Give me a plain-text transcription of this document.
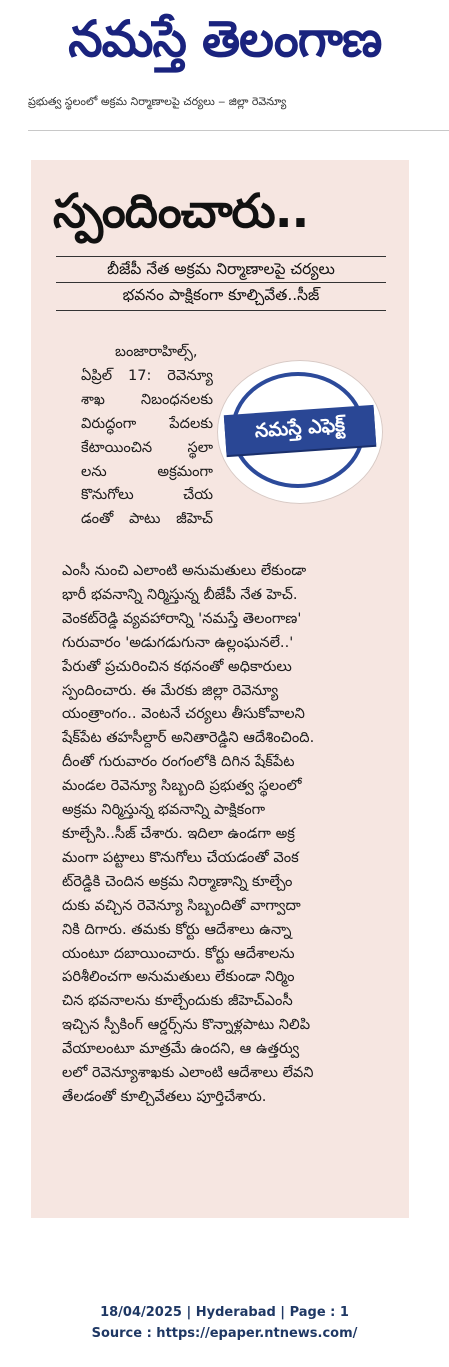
నమస్తే తెలంగాణ
ప్రభుత్వ స్థలంలో అక్రమ నిర్మాణాలపై చర్యలు ‒ జిల్లా రెవెన్యూ
స్పందించారు..
బీజేపీ నేత అక్రమ నిర్మాణాలపై చర్యలు
భవనం పాక్షికంగా కూల్చివేత..సీజ్
నమస్తే ఎఫెక్ట్

బంజారాహిల్స్,

ఏప్రిల్ 17: రెవెన్యూ

శాఖ నిబంధనలకు

విరుద్ధంగా పేదలకు

కేటాయించిన స్థలా

లను అక్రమంగా

కొనుగోలు చేయ

డంతో పాటు జీహెచ్

ఎంసీ నుంచి ఎలాంటి అనుమతులు లేకుండా

భారీ భవనాన్ని నిర్మిస్తున్న బీజేపీ నేత హెచ్.

వెంకట్‌రెడ్డి వ్యవహారాన్ని 'నమస్తే తెలంగాణ'

గురువారం 'అడుగడుగునా ఉల్లంఘనలే..'

పేరుతో ప్రచురించిన కథనంతో అధికారులు

స్పందించారు. ఈ మేరకు జిల్లా రెవెన్యూ

యంత్రాంగం.. వెంటనే చర్యలు తీసుకోవాలని

షేక్‌పేట తహసీల్దార్ అనితారెడ్డిని ఆదేశించింది.

దీంతో గురువారం రంగంలోకి దిగిన షేక్‌పేట

మండల రెవెన్యూ సిబ్బంది ప్రభుత్వ స్థలంలో

అక్రమ నిర్మిస్తున్న భవనాన్ని పాక్షికంగా

కూల్చేసి..సీజ్ చేశారు. ఇదిలా ఉండగా అక్ర

మంగా పట్టాలు కొనుగోలు చేయడంతో వెంక

ట్‌రెడ్డికి చెందిన అక్రమ నిర్మాణాన్ని కూల్చేం

దుకు వచ్చిన రెవెన్యూ సిబ్బందితో వాగ్వాదా

నికి దిగారు. తమకు కోర్టు ఆదేశాలు ఉన్నా

యంటూ దబాయించారు. కోర్టు ఆదేశాలను

పరిశీలించగా అనుమతులు లేకుండా నిర్మిం

చిన భవనాలను కూల్చేందుకు జీహెచ్‌ఎంసీ

ఇచ్చిన స్పీకింగ్ ఆర్డర్స్‌ను కొన్నాళ్లపాటు నిలిపి

వేయాలంటూ మాత్రమే ఉందని, ఆ ఉత్తర్వు

లలో రెవెన్యూశాఖకు ఎలాంటి ఆదేశాలు లేవని

తేలడంతో కూల్చివేతలు పూర్తిచేశారు.

18/04/2025 | Hyderabad | Page : 1
Source : https://epaper.ntnews.com/
